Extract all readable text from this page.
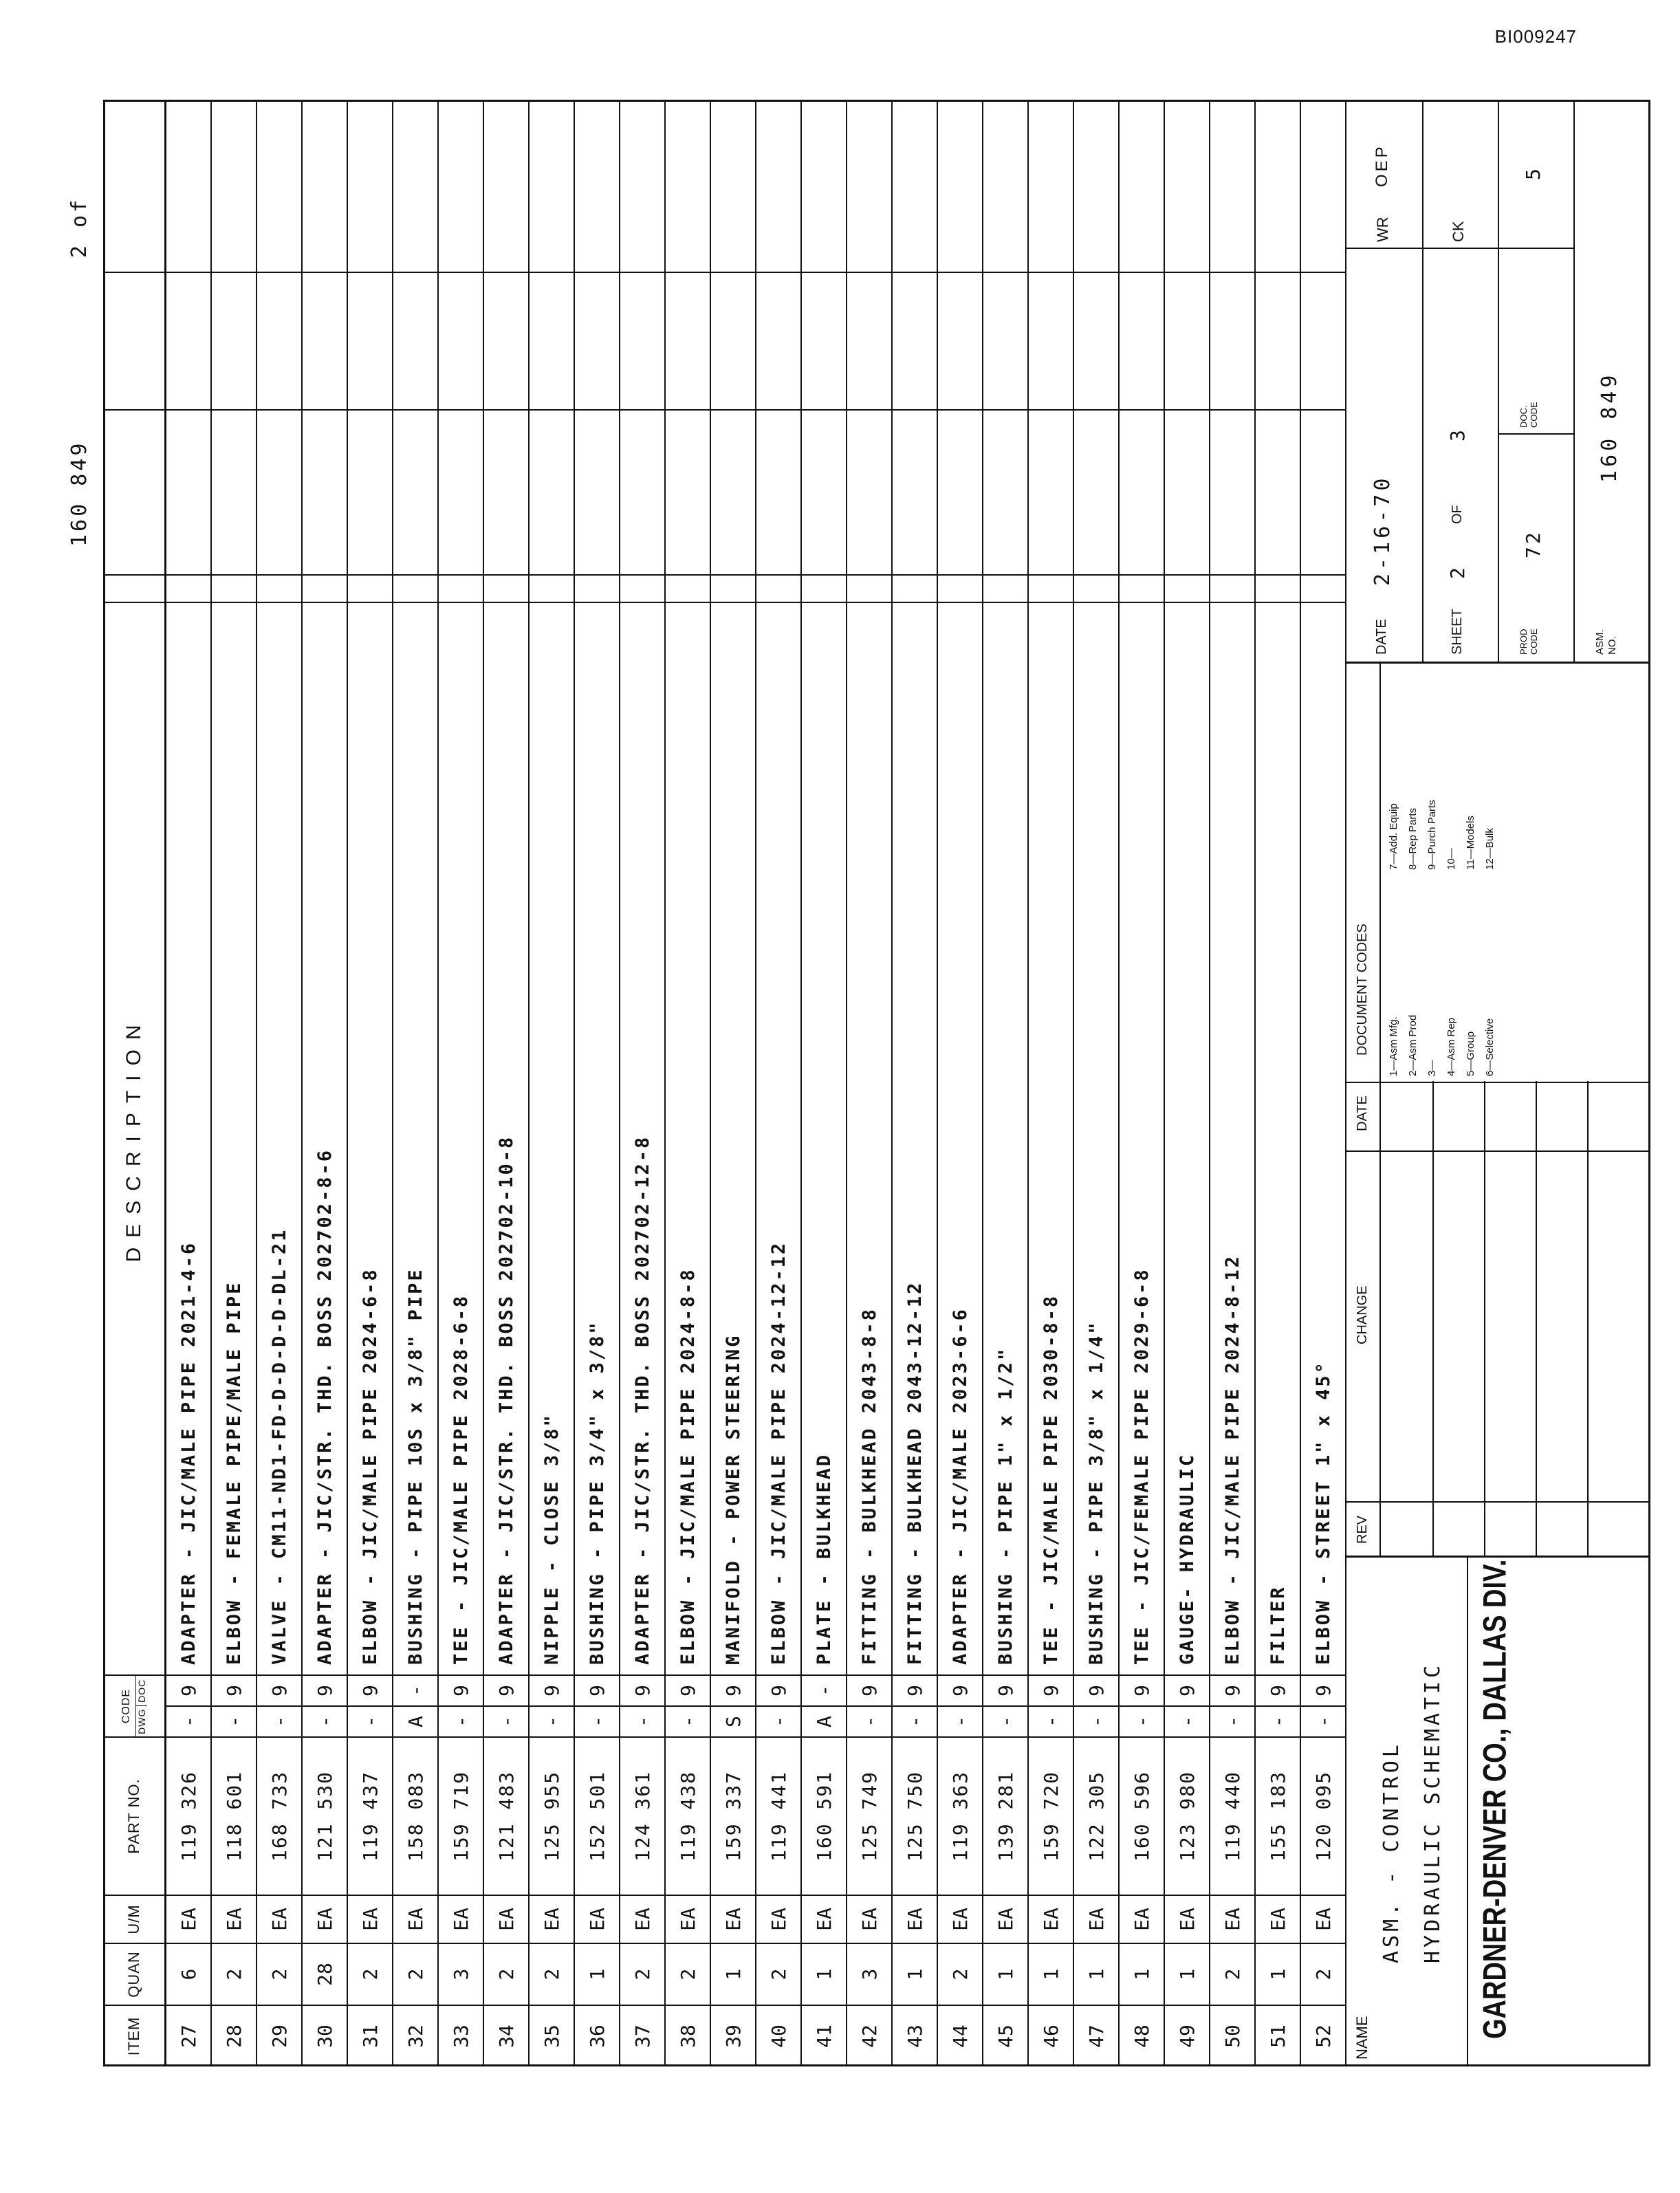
BI009247
ITEM
QUAN
U/M
PART NO.
CODE DWG
DOC
DESCRIPTION
160 849
2 of
27
6
EA
119 326
-
9
ADAPTER - JIC/MALE PIPE 2021-4-6
28
2
EA
118 601
-
9
ELBOW - FEMALE PIPE/MALE PIPE
29
2
EA
168 733
-
9
VALVE - CM11-ND1-FD-D-D-D-D-DL-21
30
28
EA
121 530
-
9
ADAPTER - JIC/STR. THD. BOSS 202702-8-6
31
2
EA
119 437
-
9
ELBOW - JIC/MALE PIPE 2024-6-8
32
2
EA
158 083
A
-
BUSHING - PIPE 10S x 3/8" PIPE
33
3
EA
159 719
-
9
TEE - JIC/MALE PIPE 2028-6-8
34
2
EA
121 483
-
9
ADAPTER - JIC/STR. THD. BOSS 202702-10-8
35
2
EA
125 955
-
9
NIPPLE - CLOSE 3/8"
36
1
EA
152 501
-
9
BUSHING - PIPE 3/4" x 3/8"
37
2
EA
124 361
-
9
ADAPTER - JIC/STR. THD. BOSS 202702-12-8
38
2
EA
119 438
-
9
ELBOW - JIC/MALE PIPE 2024-8-8
39
1
EA
159 337
S
9
MANIFOLD - POWER STEERING
40
2
EA
119 441
-
9
ELBOW - JIC/MALE PIPE 2024-12-12
41
1
EA
160 591
A
-
PLATE - BULKHEAD
42
3
EA
125 749
-
9
FITTING - BULKHEAD 2043-8-8
43
1
EA
125 750
-
9
FITTING - BULKHEAD 2043-12-12
44
2
EA
119 363
-
9
ADAPTER - JIC/MALE 2023-6-6
45
1
EA
139 281
-
9
BUSHING - PIPE 1" x 1/2"
46
1
EA
159 720
-
9
TEE - JIC/MALE PIPE 2030-8-8
47
1
EA
122 305
-
9
BUSHING - PIPE 3/8" x 1/4"
48
1
EA
160 596
-
9
TEE - JIC/FEMALE PIPE 2029-6-8
49
1
EA
123 980
-
9
GAUGE- HYDRAULIC
50
2
EA
119 440
-
9
ELBOW - JIC/MALE PIPE 2024-8-12
51
1
EA
155 183
-
9
FILTER
52
2
EA
120 095
-
9
ELBOW - STREET 1" x 45°
NAME
ASM. - CONTROL HYDRAULIC SCHEMATIC GARDNER-DENVER CO., DALLAS DIV.
REV
CHANGE
DATE
DOCUMENT CODES 1—Asm Mfg. 2—Asm Prod 3— 4—Asm Rep 5—Group 6—Selective
7—Add. Equip 8—Rep Parts 9—Purch Parts 10— 11—Models 12—Bulk
DATE
2-16-70
WR
OEP
SHEET
2
OF
3
CK
PROD CODE
72
DOC. CODE
5
ASM. NO.
160 849
